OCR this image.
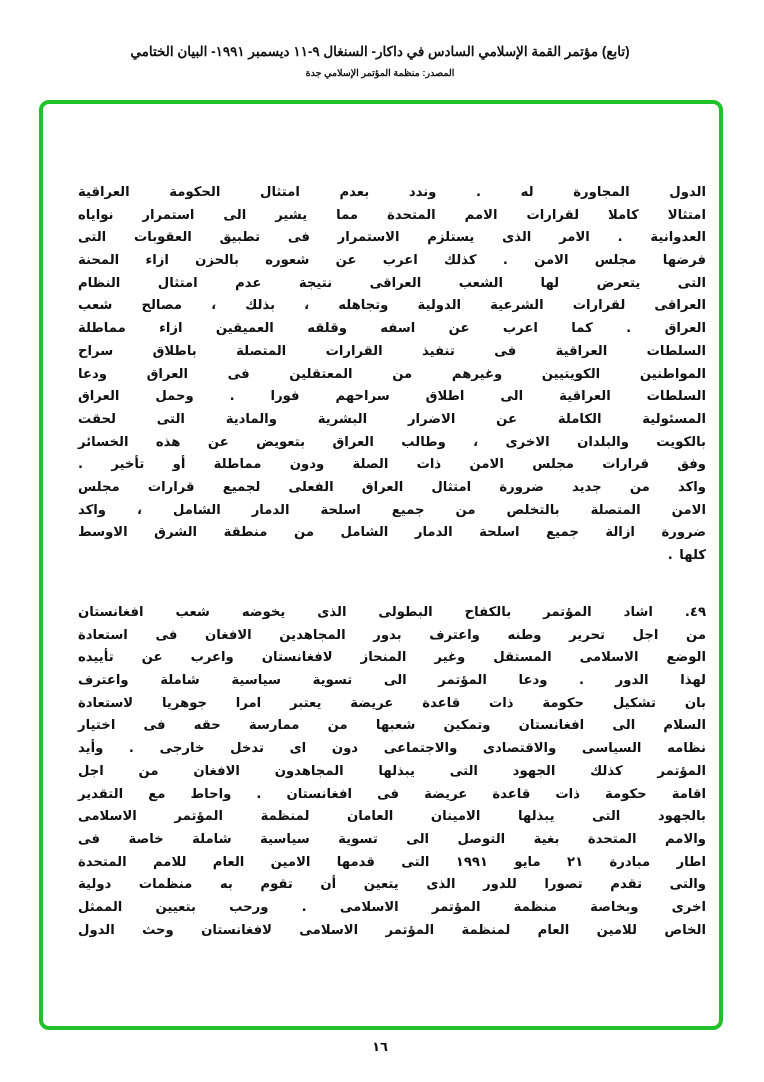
(تابع) مؤتمر القمة الإسلامي السادس في داكار- السنغال ٩-١١ ديسمبر ١٩٩١- البيان الختامي
المصدر: منظمة المؤتمر الإسلامي جدة
الدول المجاورة له . وندد بعدم امتثال الحكومة العراقية
امتثالا كاملا لقرارات الامم المتحدة مما يشير الى استمرار نواياه
العدوانية . الامر الذى يستلزم الاستمرار فى تطبيق العقوبات التى
فرضها مجلس الامن . كذلك اعرب عن شعوره بالحزن ازاء المحنة
التى يتعرض لها الشعب العراقى نتيجة عدم امتثال النظام
العراقى لقرارات الشرعية الدولية وتجاهله ، بذلك ، مصالح شعب
العراق . كما اعرب عن اسفه وقلقه العميقين ازاء مماطلة
السلطات العراقية فى تنفيذ القرارات المتصلة باطلاق سراح
المواطنين الكويتيين وغيرهم من المعتقلين فى العراق ودعا
السلطات العراقية الى اطلاق سراحهم فورا . وحمل العراق
المسئولية الكاملة عن الاضرار البشرية والمادية التى لحقت
بالكويت والبلدان الاخرى ، وطالب العراق بتعويض عن هذه الخسائر
وفق قرارات مجلس الامن ذات الصلة ودون مماطلة أو تأخير .
واكد من جديد ضرورة امتثال العراق الفعلى لجميع قرارات مجلس
الامن المتصلة بالتخلص من جميع اسلحة الدمار الشامل ، واكد
ضرورة ازالة جميع اسلحة الدمار الشامل من منطقة الشرق الاوسط
كلها .
٤٩. اشاد المؤتمر بالكفاح البطولى الذى يخوضه شعب افغانستان
من اجل تحرير وطنه واعترف بدور المجاهدين الافغان فى استعادة
الوضع الاسلامى المستقل وغير المنحاز لافغانستان واعرب عن تأييده
لهذا الدور . ودعا المؤتمر الى تسوية سياسية شاملة واعترف
بان تشكيل حكومة ذات قاعدة عريضة يعتبر امرا جوهريا لاستعادة
السلام الى افغانستان وتمكين شعبها من ممارسة حقه فى اختيار
نظامه السياسى والاقتصادى والاجتماعى دون اى تدخل خارجى . وأيد
المؤتمر كذلك الجهود التى يبذلها المجاهدون الافغان من اجل
اقامة حكومة ذات قاعدة عريضة فى افغانستان . واحاط مع التقدير
بالجهود التى يبذلها الامينان العامان لمنظمة المؤتمر الاسلامى
والامم المتحدة بغية التوصل الى تسوية سياسية شاملة خاصة فى
اطار مبادرة ٢١ مايو ١٩٩١ التى قدمها الامين العام للامم المتحدة
والتى تقدم تصورا للدور الذى يتعين أن تقوم به منظمات دولية
اخرى وبخاصة منظمة المؤتمر الاسلامى . ورحب بتعيين الممثل
الخاص للامين العام لمنظمة المؤتمر الاسلامى لافغانستان وحث الدول
١٦
